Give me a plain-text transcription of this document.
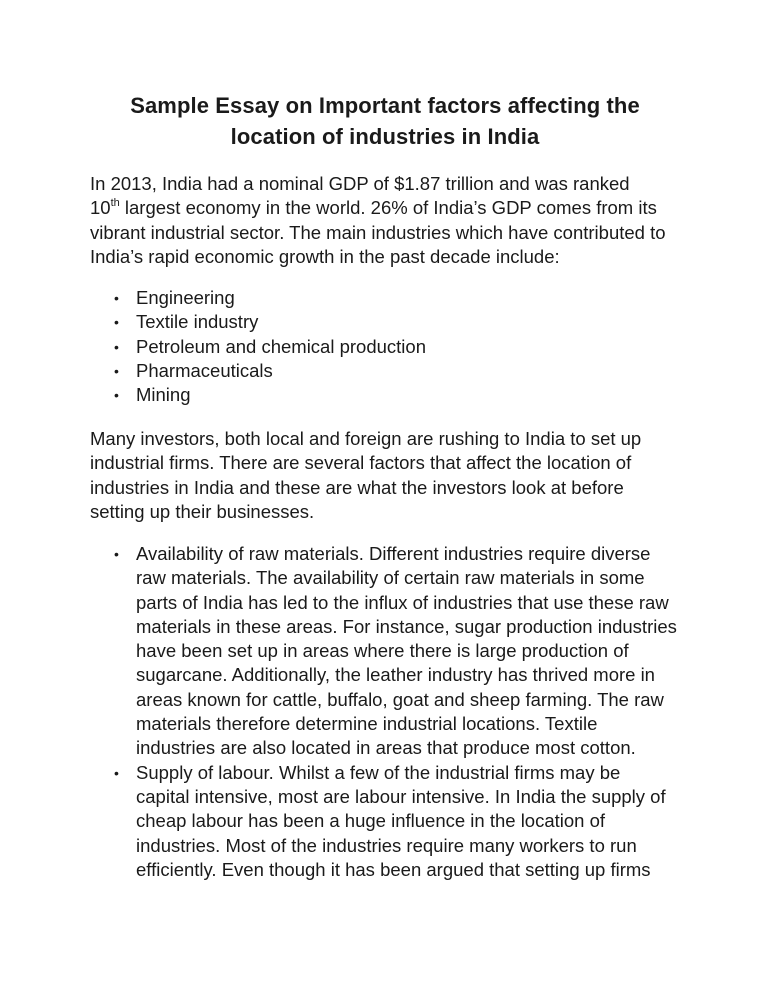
Sample Essay on Important factors affecting the
location of industries in India
In 2013, India had a nominal GDP of $1.87 trillion and was ranked
10th largest economy in the world. 26% of India’s GDP comes from its
vibrant industrial sector. The main industries which have contributed to
India’s rapid economic growth in the past decade include:
• Engineering
• Textile industry
• Petroleum and chemical production
• Pharmaceuticals
• Mining
Many investors, both local and foreign are rushing to India to set up
industrial firms. There are several factors that affect the location of
industries in India and these are what the investors look at before
setting up their businesses.
• Availability of raw materials. Different industries require diverse
raw materials. The availability of certain raw materials in some
parts of India has led to the influx of industries that use these raw
materials in these areas. For instance, sugar production industries
have been set up in areas where there is large production of
sugarcane. Additionally, the leather industry has thrived more in
areas known for cattle, buffalo, goat and sheep farming. The raw
materials therefore determine industrial locations. Textile
industries are also located in areas that produce most cotton.
• Supply of labour. Whilst a few of the industrial firms may be
capital intensive, most are labour intensive. In India the supply of
cheap labour has been a huge influence in the location of
industries. Most of the industries require many workers to run
efficiently. Even though it has been argued that setting up firms
